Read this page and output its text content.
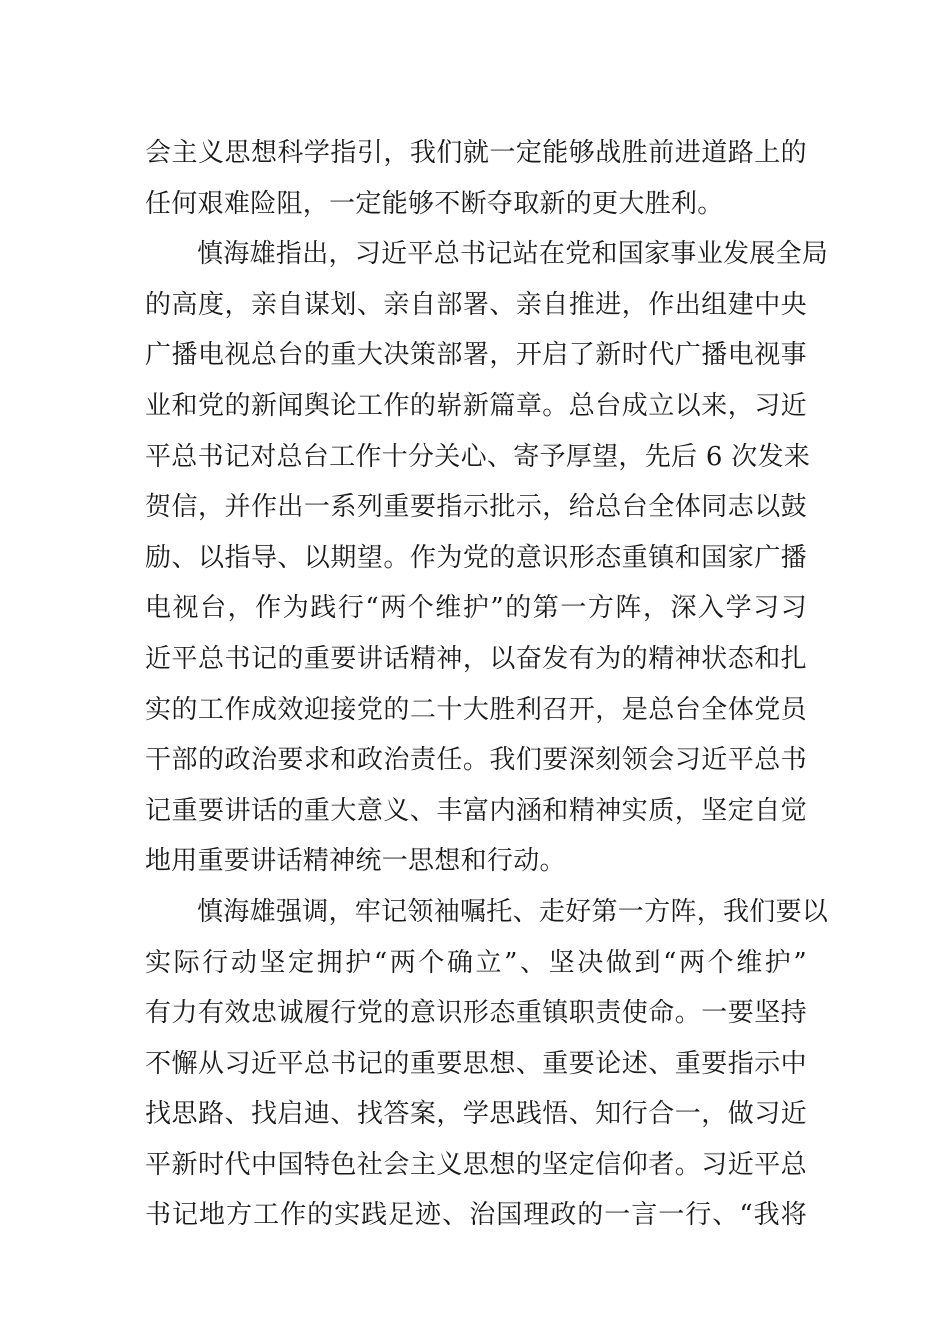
会主义思想科学指引，我们就一定能够战胜前进道路上的
任何艰难险阻，一定能够不断夺取新的更大胜利。
慎海雄指出，习近平总书记站在党和国家事业发展全局
的高度，亲自谋划、亲自部署、亲自推进，作出组建中央
广播电视总台的重大决策部署，开启了新时代广播电视事
业和党的新闻舆论工作的崭新篇章。总台成立以来，习近
平总书记对总台工作十分关心、寄予厚望，先后 6 次发来
贺信，并作出一系列重要指示批示，给总台全体同志以鼓
励、以指导、以期望。作为党的意识形态重镇和国家广播
电视台，作为践行“两个维护”的第一方阵，深入学习习
近平总书记的重要讲话精神，以奋发有为的精神状态和扎
实的工作成效迎接党的二十大胜利召开，是总台全体党员
干部的政治要求和政治责任。我们要深刻领会习近平总书
记重要讲话的重大意义、丰富内涵和精神实质，坚定自觉
地用重要讲话精神统一思想和行动。
慎海雄强调，牢记领袖嘱托、走好第一方阵，我们要以
实际行动坚定拥护“两个确立”、坚决做到“两个维护”
有力有效忠诚履行党的意识形态重镇职责使命。一要坚持
不懈从习近平总书记的重要思想、重要论述、重要指示中
找思路、找启迪、找答案，学思践悟、知行合一，做习近
平新时代中国特色社会主义思想的坚定信仰者。习近平总
书记地方工作的实践足迹、治国理政的一言一行、“我将
